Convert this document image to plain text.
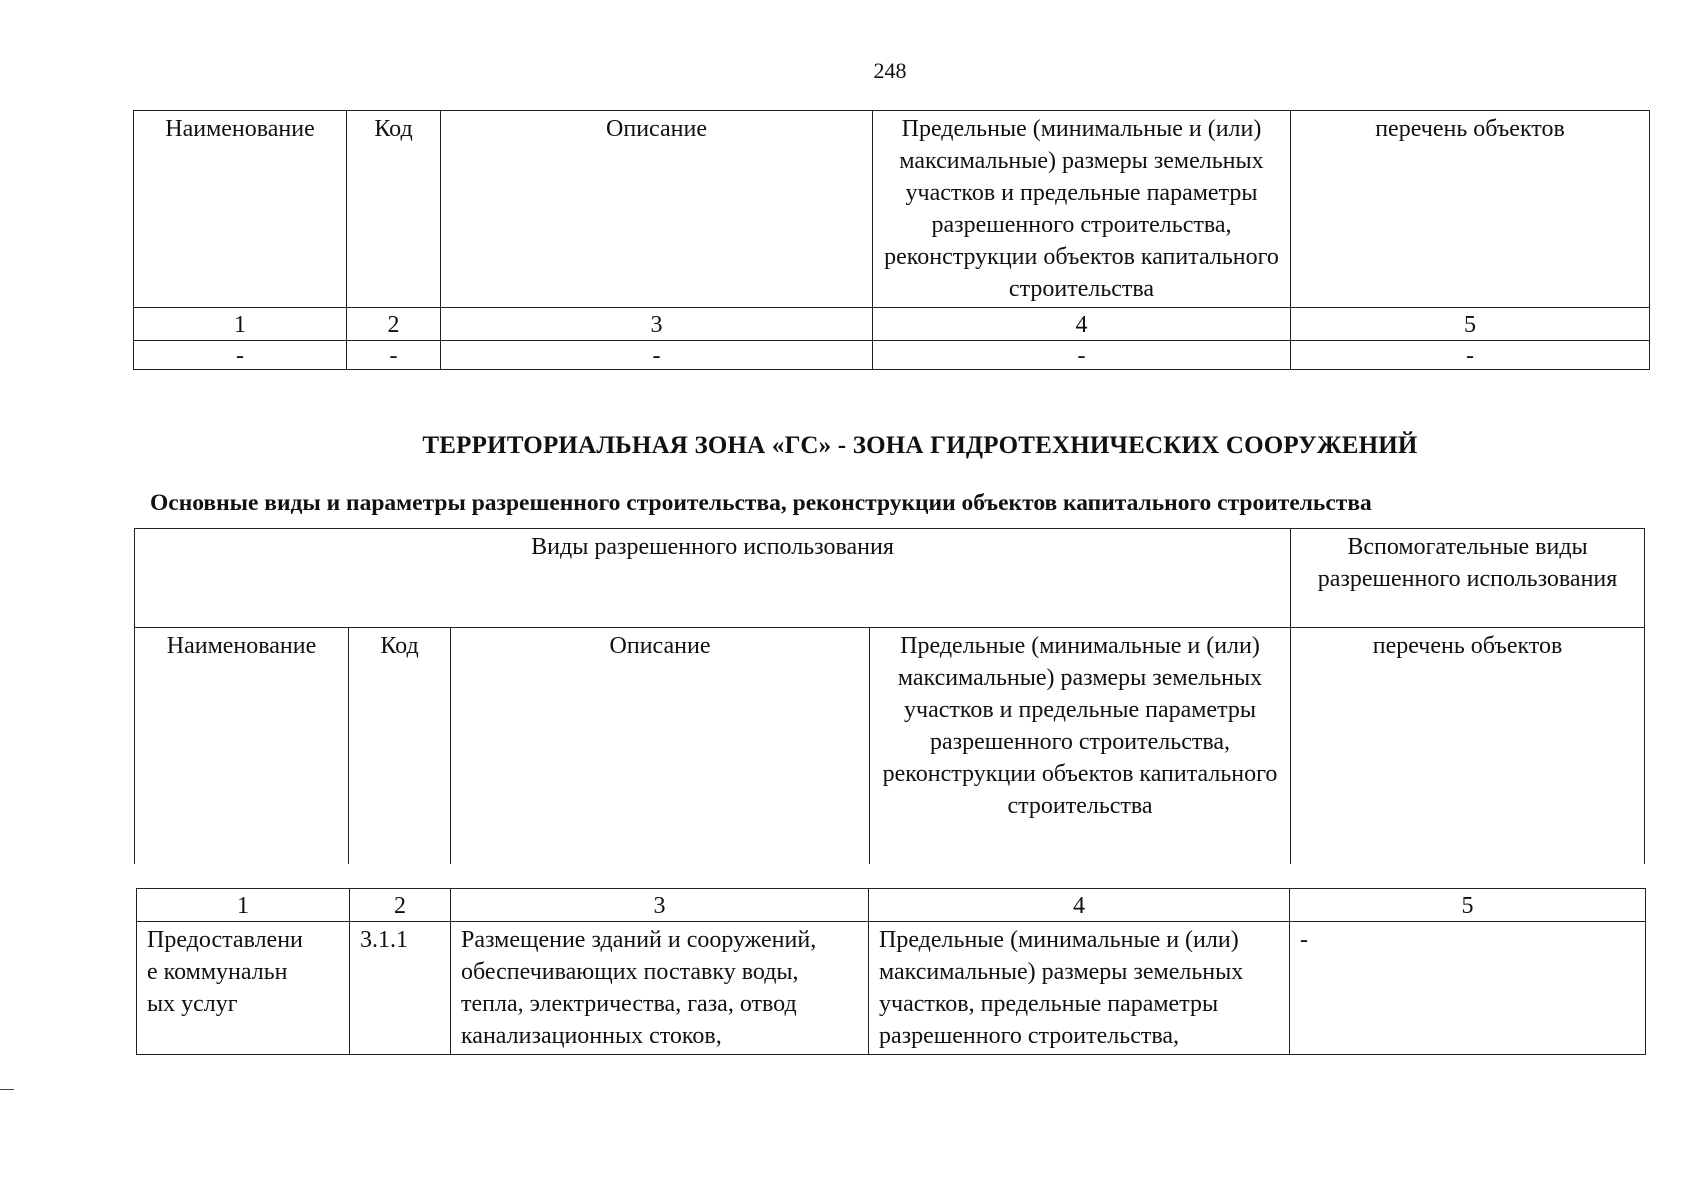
248
Наименование	Код	Описание	Предельные (минимальные и (или) максимальные) размеры земельных участков и предельные параметры разрешенного строительства, реконструкции объектов капитального строительства	перечень объектов
1	2	3	4	5
-	-	-	-	-
ТЕРРИТОРИАЛЬНАЯ ЗОНА «ГС» - ЗОНА ГИДРОТЕХНИЧЕСКИХ СООРУЖЕНИЙ
Основные виды и параметры разрешенного строительства, реконструкции объектов капитального строительства
Виды разрешенного использования				Вспомогательные виды разрешенного использования
Наименование	Код	Описание	Предельные (минимальные и (или) максимальные) размеры земельных участков и предельные параметры разрешенного строительства, реконструкции объектов капитального строительства	перечень объектов
1	2	3	4	5

Предоставление коммунальных услуг	3.1.1	Размещение зданий и сооружений, обеспечивающих поставку воды, тепла, электричества, газа, отвод канализационных стоков,	Предельные (минимальные и (или) максимальные) размеры земельных участков, предельные параметры разрешенного строительства,	-
